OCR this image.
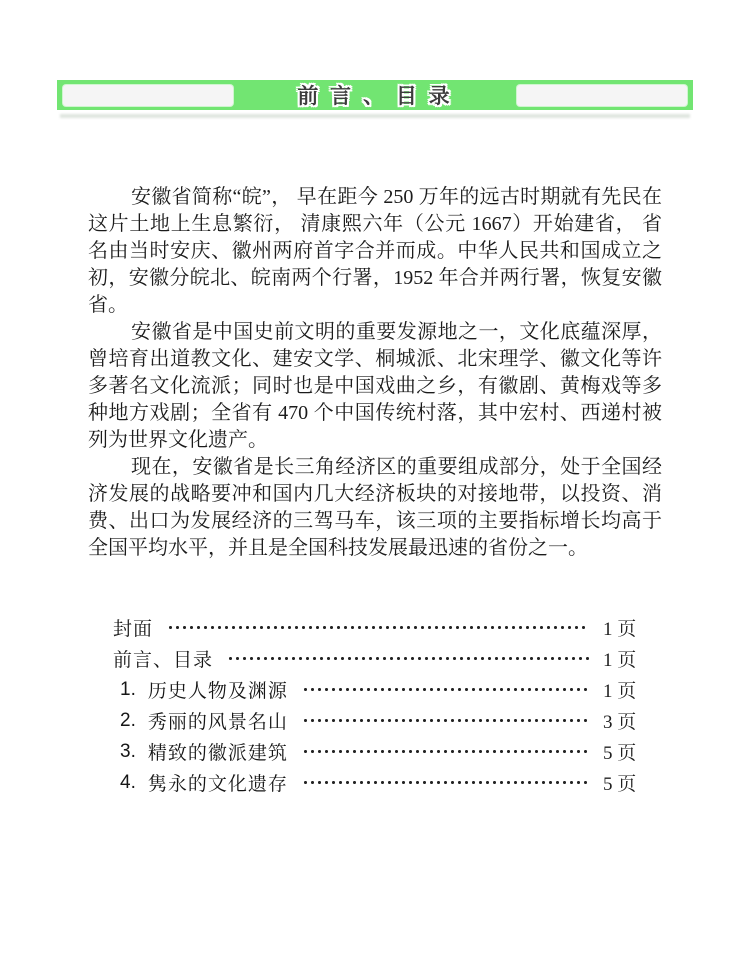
前 言 、 目 录

安徽省简称“皖”， 早在距今 250 万年的远古时期就有先民在这片土地上生息繁衍， 清康熙六年（公元 1667）开始建省， 省名由当时安庆、徽州两府首字合并而成。中华人民共和国成立之初，安徽分皖北、皖南两个行署，1952 年合并两行署，恢复安徽省。

安徽省是中国史前文明的重要发源地之一，文化底蕴深厚，曾培育出道教文化、建安文学、桐城派、北宋理学、徽文化等许多著名文化流派；同时也是中国戏曲之乡，有徽剧、黄梅戏等多种地方戏剧；全省有 470 个中国传统村落，其中宏村、西递村被列为世界文化遗产。

现在，安徽省是长三角经济区的重要组成部分，处于全国经济发展的战略要冲和国内几大经济板块的对接地带，以投资、消费、出口为发展经济的三驾马车，该三项的主要指标增长均高于全国平均水平，并且是全国科技发展最迅速的省份之一。

封面	1 页
前言、目录	1 页
1. 历史人物及渊源	1 页
2. 秀丽的风景名山	3 页
3. 精致的徽派建筑	5 页
4. 隽永的文化遗存	5 页
